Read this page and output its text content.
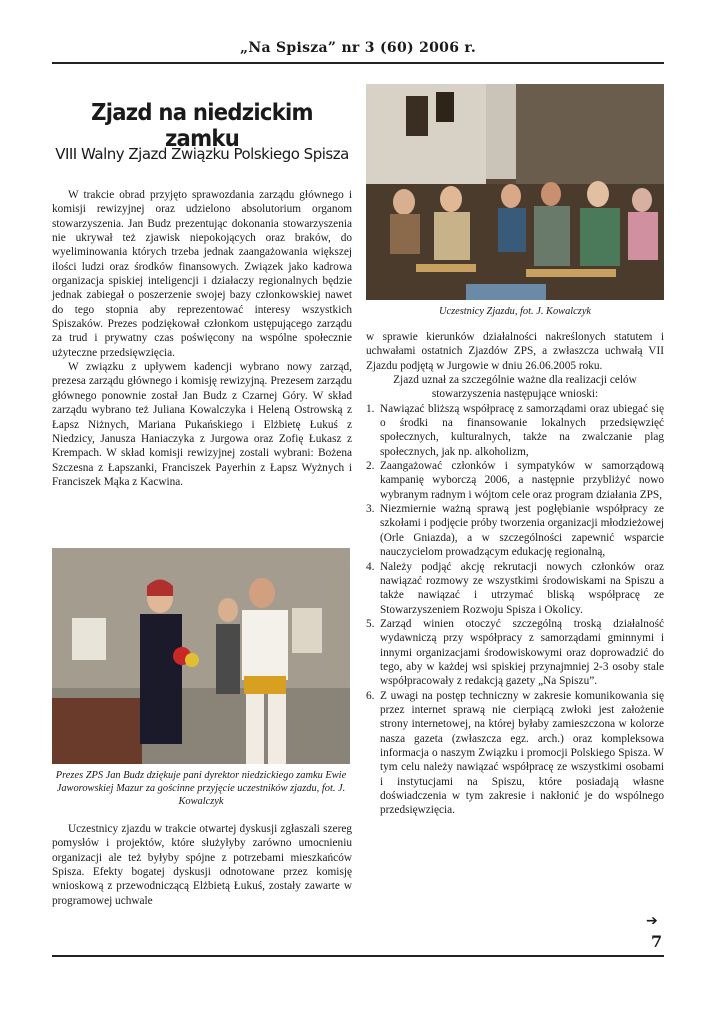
„Na Spisza” nr 3 (60) 2006 r.
Zjazd na niedzickim zamku
VIII Walny Zjazd Związku Polskiego Spisza

W trakcie obrad przyjęto sprawozdania zarządu głównego i komisji rewizyjnej oraz udzielono absolutorium organom stowarzyszenia. Jan Budz prezentując dokonania stowarzyszenia nie ukrywał też zjawisk niepokojących oraz braków, do wyeliminowania których trzeba jednak zaangażowania większej ilości ludzi oraz środków finansowych. Związek jako kadrowa organizacja spiskiej inteligencji i działaczy regionalnych będzie jednak zabiegał o poszerzenie swojej bazy członkowskiej nawet do tego stopnia aby reprezentować interesy wszystkich Spiszaków. Prezes podziękował członkom ustępującego zarządu za trud i prywatny czas poświęcony na wspólne społecznie użyteczne przedsięwzięcia.

W związku z upływem kadencji wybrano nowy zarząd, prezesa zarządu głównego i komisję rewizyjną. Prezesem zarządu głównego ponownie został Jan Budz z Czarnej Góry. W skład zarządu wybrano też Juliana Kowalczyka i Heleną Ostrowską z Łapsz Niżnych, Mariana Pukańskiego i Elżbietę Łukuś z Niedzicy, Janusza Haniaczyka z Jurgowa oraz Zofię Łukasz z Krempach. W skład komisji rewizyjnej zostali wybrani: Bożena Szczesna z Łapszanki, Franciszek Payerhin z Łapsz Wyżnych i Franciszek Mąka z Kacwina.

Uczestnicy Zjazdu, fot. J. Kowalczyk
Prezes ZPS Jan Budz dziękuje pani dyrektor niedzickiego zamku Ewie Jaworowskiej Mazur za gościnne przyjęcie uczestników zjazdu, fot. J. Kowalczyk

Uczestnicy zjazdu w trakcie otwartej dyskusji zgłaszali szereg pomysłów i projektów, które służyłyby zarówno umocnieniu organizacji ale też byłyby spójne z potrzebami mieszkańców Spisza. Efekty bogatej dyskusji odnotowane przez komisję wnioskową z przewodniczącą Elżbietą Łukuś, zostały zawarte w programowej uchwale

w sprawie kierunków działalności nakreślonych statutem i uchwałami ostatnich Zjazdów ZPS, a zwłaszcza uchwałą VII Zjazdu podjętą w Jurgowie w dniu 26.06.2005 roku.

Zjazd uznał za szczególnie ważne dla realizacji celów stowarzyszenia następujące wnioski:

1. Nawiązać bliższą współpracę z samorządami oraz ubiegać się o środki na finansowanie lokalnych przedsięwzięć społecznych, kulturalnych, także na zwalczanie plag społecznych, jak np. alkoholizm,
2. Zaangażować członków i sympatyków w samorządową kampanię wyborczą 2006, a następnie przybliżyć nowo wybranym radnym i wójtom cele oraz program działania ZPS,
3. Niezmiernie ważną sprawą jest pogłębianie współpracy ze szkołami i podjęcie próby tworzenia organizacji młodzieżowej (Orle Gniazda), a w szczególności zapewnić wsparcie nauczycielom prowadzącym edukację regionalną,
4. Należy podjąć akcję rekrutacji nowych członków oraz nawiązać rozmowy ze wszystkimi środowiskami na Spiszu a także nawiązać i utrzymać bliską współpracę ze Stowarzyszeniem Rozwoju Spisza i Okolicy.
5. Zarząd winien otoczyć szczególną troską działalność wydawniczą przy współpracy z samorządami gminnymi i innymi organizacjami środowiskowymi oraz doprowadzić do tego, aby w każdej wsi spiskiej przynajmniej 2-3 osoby stale współpracowały z redakcją gazety „Na Spiszu”.
6. Z uwagi na postęp techniczny w zakresie komunikowania się przez internet sprawą nie cierpiącą zwłoki jest założenie strony internetowej, na której byłaby zamieszczona w kolorze nasza gazeta (zwłaszcza egz. arch.) oraz kompleksowa informacja o naszym Związku i promocji Polskiego Spisza. W tym celu należy nawiązać współpracę ze wszystkimi osobami i instytucjami na Spiszu, które posiadają własne doświadczenia w tym zakresie i nakłonić je do wspólnego przedsięwzięcia.
➔
7
